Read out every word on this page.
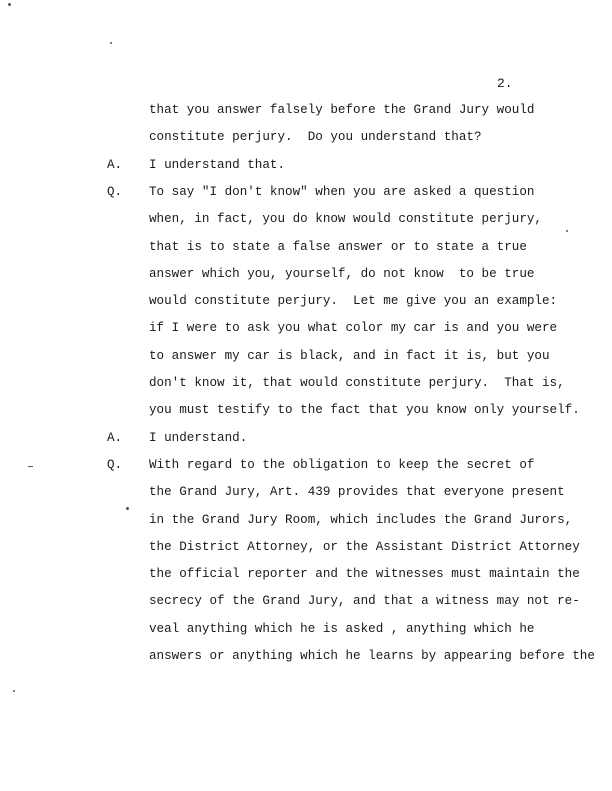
2.
that you answer falsely before the Grand Jury would
constitute perjury.  Do you understand that?
A. I understand that.
Q. To say "I don't know" when you are asked a question
when, in fact, you do know would constitute perjury,
that is to state a false answer or to state a true
answer which you, yourself, do not know  to be true
would constitute perjury.  Let me give you an example:
if I were to ask you what color my car is and you were
to answer my car is black, and in fact it is, but you
don't know it, that would constitute perjury.  That is,
you must testify to the fact that you know only yourself.
A. I understand.
Q. With regard to the obligation to keep the secret of
the Grand Jury, Art. 439 provides that everyone present
in the Grand Jury Room, which includes the Grand Jurors,
the District Attorney, or the Assistant District Attorney
the official reporter and the witnesses must maintain the
secrecy of the Grand Jury, and that a witness may not re-
veal anything which he is asked , anything which he
answers or anything which he learns by appearing before the
